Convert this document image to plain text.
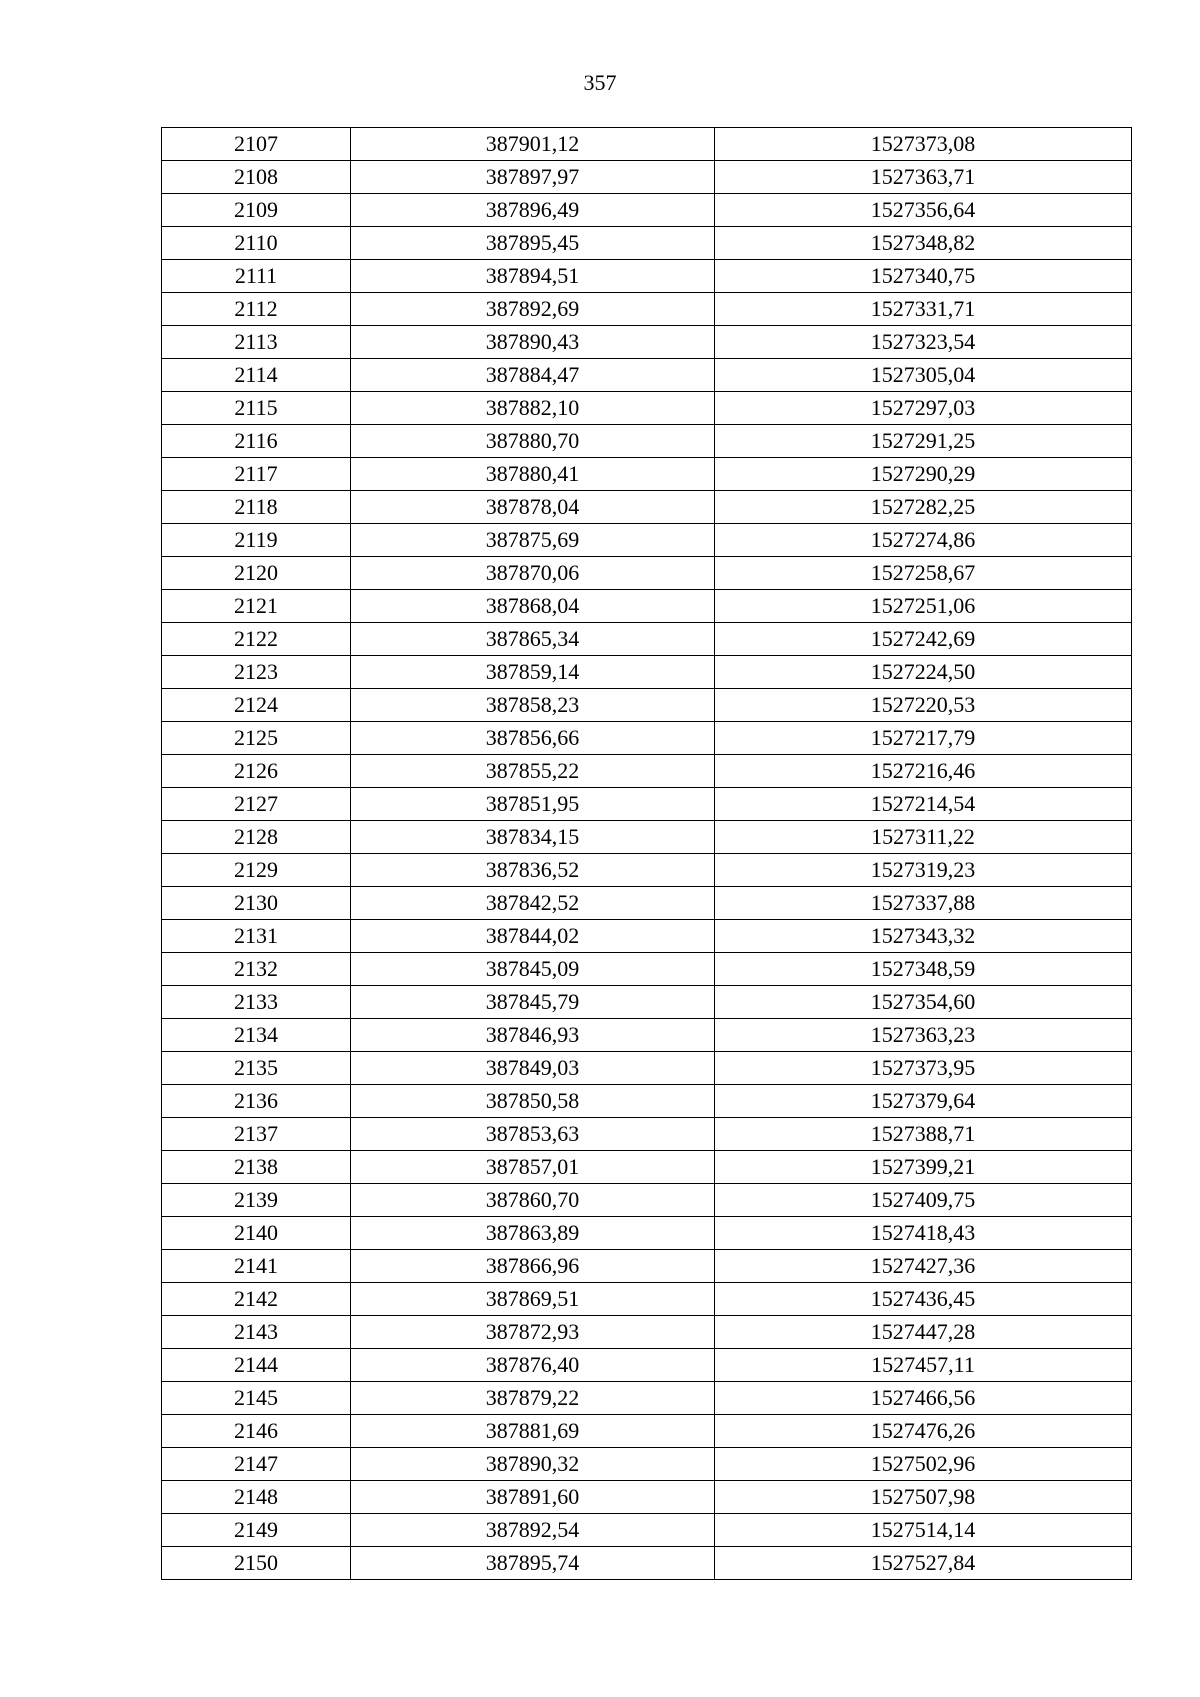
357
2107	387901,12	1527373,08
2108	387897,97	1527363,71
2109	387896,49	1527356,64
2110	387895,45	1527348,82
2111	387894,51	1527340,75
2112	387892,69	1527331,71
2113	387890,43	1527323,54
2114	387884,47	1527305,04
2115	387882,10	1527297,03
2116	387880,70	1527291,25
2117	387880,41	1527290,29
2118	387878,04	1527282,25
2119	387875,69	1527274,86
2120	387870,06	1527258,67
2121	387868,04	1527251,06
2122	387865,34	1527242,69
2123	387859,14	1527224,50
2124	387858,23	1527220,53
2125	387856,66	1527217,79
2126	387855,22	1527216,46
2127	387851,95	1527214,54
2128	387834,15	1527311,22
2129	387836,52	1527319,23
2130	387842,52	1527337,88
2131	387844,02	1527343,32
2132	387845,09	1527348,59
2133	387845,79	1527354,60
2134	387846,93	1527363,23
2135	387849,03	1527373,95
2136	387850,58	1527379,64
2137	387853,63	1527388,71
2138	387857,01	1527399,21
2139	387860,70	1527409,75
2140	387863,89	1527418,43
2141	387866,96	1527427,36
2142	387869,51	1527436,45
2143	387872,93	1527447,28
2144	387876,40	1527457,11
2145	387879,22	1527466,56
2146	387881,69	1527476,26
2147	387890,32	1527502,96
2148	387891,60	1527507,98
2149	387892,54	1527514,14
2150	387895,74	1527527,84
